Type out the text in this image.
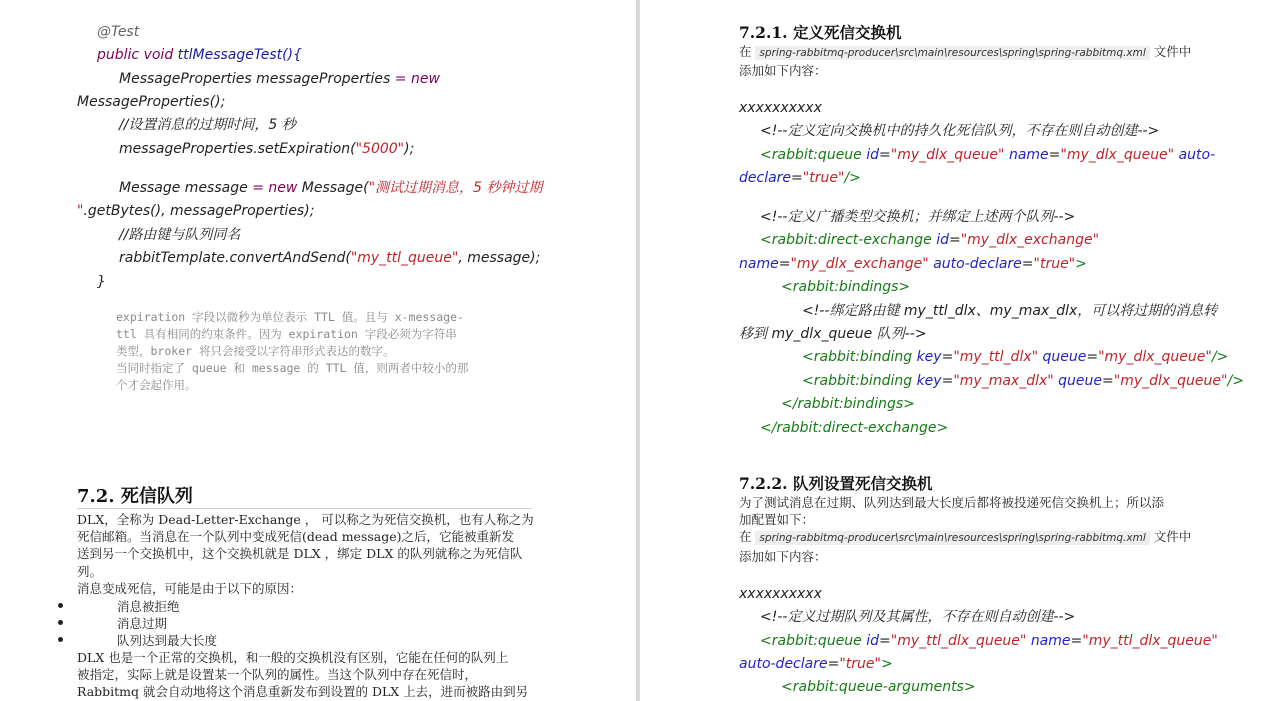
@Test
public void ttlMessageTest(){
MessageProperties messageProperties = new
MessageProperties();
//设置消息的过期时间，5 秒
messageProperties.setExpiration("5000");
Message message = new Message("测试过期消息，5 秒钟过期
".getBytes(), messageProperties);
//路由键与队列同名
rabbitTemplate.convertAndSend("my_ttl_queue", message);
}
expiration 字段以微秒为单位表示 TTL 值。且与 x-message-
ttl 具有相同的约束条件。因为 expiration 字段必须为字符串
类型，broker 将只会接受以字符串形式表达的数字。
当同时指定了 queue 和 message 的 TTL 值，则两者中较小的那
个才会起作用。
7.2. 死信队列
DLX，全称为 Dead-Letter-Exchange ， 可以称之为死信交换机，也有人称之为
死信邮箱。当消息在一个队列中变成死信(dead message)之后，它能被重新发
送到另一个交换机中，这个交换机就是 DLX ，绑定 DLX 的队列就称之为死信队
列。
消息变成死信，可能是由于以下的原因：
消息被拒绝
消息过期
队列达到最大长度
DLX 也是一个正常的交换机，和一般的交换机没有区别，它能在任何的队列上
被指定，实际上就是设置某一个队列的属性。当这个队列中存在死信时，
Rabbitmq 就会自动地将这个消息重新发布到设置的 DLX 上去，进而被路由到另
7.2.1. 定义死信交换机
在 spring-rabbitmq-producer\src\main\resources\spring\spring-rabbitmq.xml 文件中
添加如下内容：
xxxxxxxxxx
<!--定义定向交换机中的持久化死信队列，不存在则自动创建-->
<rabbit:queue id="my_dlx_queue" name="my_dlx_queue" auto-
declare="true"/>
<!--定义广播类型交换机；并绑定上述两个队列-->
<rabbit:direct-exchange id="my_dlx_exchange"
name="my_dlx_exchange" auto-declare="true">
<rabbit:bindings>
<!--绑定路由键 my_ttl_dlx、my_max_dlx，可以将过期的消息转
移到 my_dlx_queue 队列-->
<rabbit:binding key="my_ttl_dlx" queue="my_dlx_queue"/>
<rabbit:binding key="my_max_dlx" queue="my_dlx_queue"/>
</rabbit:bindings>
</rabbit:direct-exchange>
7.2.2. 队列设置死信交换机
为了测试消息在过期、队列达到最大长度后都将被投递死信交换机上；所以添
加配置如下：
在 spring-rabbitmq-producer\src\main\resources\spring\spring-rabbitmq.xml 文件中
添加如下内容：
xxxxxxxxxx
<!--定义过期队列及其属性，不存在则自动创建-->
<rabbit:queue id="my_ttl_dlx_queue" name="my_ttl_dlx_queue"
auto-declare="true">
<rabbit:queue-arguments>
